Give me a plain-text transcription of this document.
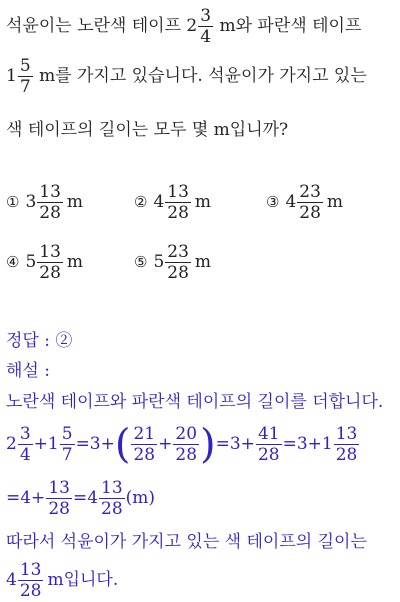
석윤이는 노란색 테이프 $2 \frac{3}{4}$ m와 파란색 테이프
$1 \frac{5}{7}$ m를 가지고 있습니다. 석윤이가 가지고 있는
색 테이프의 길이는 모두 몇 m입니까?
① $3 \frac{13}{28}$ m	② $4 \frac{13}{28}$ m	③ $4 \frac{23}{28}$ m
④ $5 \frac{13}{28}$ m	⑤ $5 \frac{23}{28}$ m
정답 : ②
해설 :
노란색 테이프와 파란색 테이프의 길이를 더합니다.
$2 \frac{3}{4} +1 \frac{5}{7} =3+( \frac{21}{28} + \frac{20}{28} )=3+ \frac{41}{28} =3+1 \frac{13}{28}$
$=4+ \frac{13}{28} =4 \frac{13}{28} (m)$
따라서 석윤이가 가지고 있는 색 테이프의 길이는
$4 \frac{13}{28}$ m입니다.
